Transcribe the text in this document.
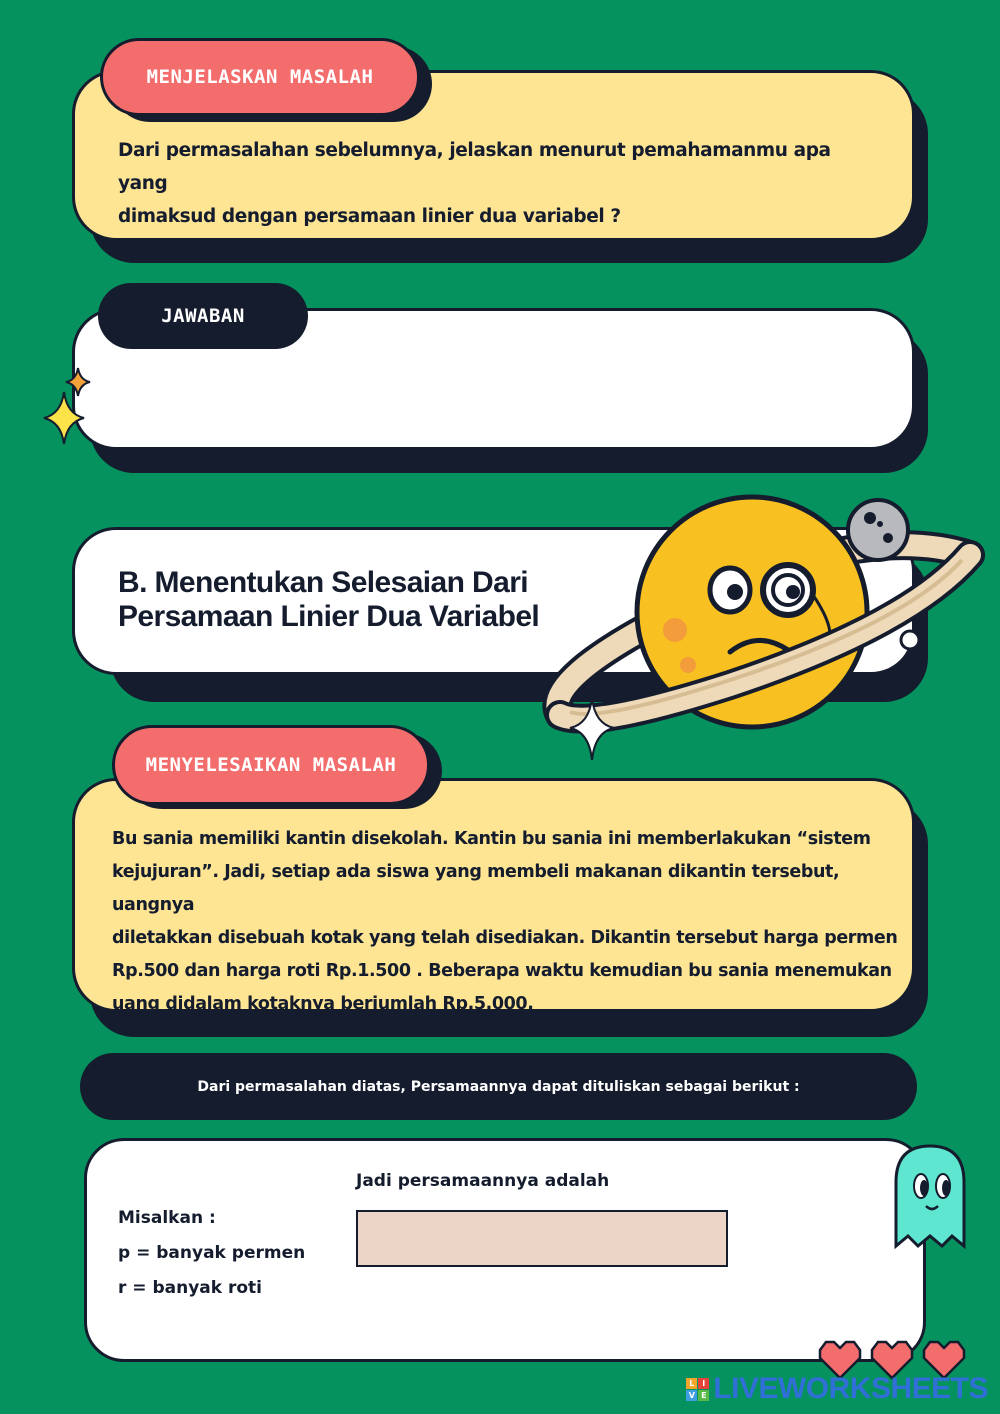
MENJELASKAN MASALAH
Dari permasalahan sebelumnya, jelaskan menurut pemahamanmu apa yang
dimaksud dengan persamaan linier dua variabel ?
JAWABAN
B. Menentukan Selesaian Dari
Persamaan Linier Dua Variabel
MENYELESAIKAN MASALAH
Bu sania memiliki kantin disekolah. Kantin bu sania ini memberlakukan “sistem
kejujuran”. Jadi, setiap ada siswa yang membeli makanan dikantin tersebut, uangnya
diletakkan disebuah kotak yang telah disediakan. Dikantin tersebut harga permen
Rp.500 dan harga roti Rp.1.500 . Beberapa waktu kemudian bu sania menemukan
uang didalam kotaknya berjumlah Rp.5.000.
Dari permasalahan diatas, Persamaannya dapat dituliskan sebagai berikut :
Jadi persamaannya adalah
Misalkan :
p = banyak permen
r = banyak roti
L I
V E LIVEWORKSHEETS
